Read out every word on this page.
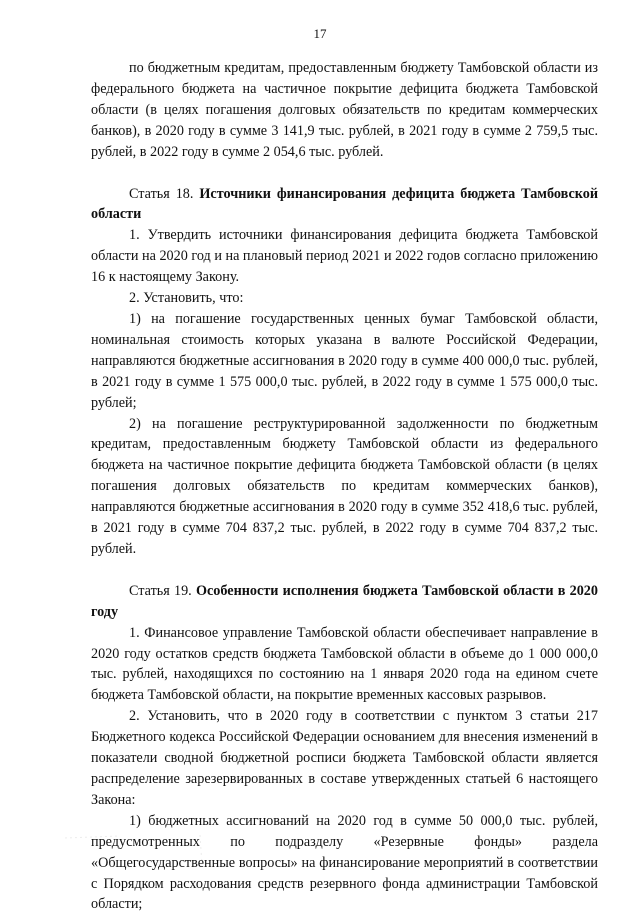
17

по бюджетным кредитам, предоставленным бюджету Тамбовской области из федерального бюджета на частичное покрытие дефицита бюджета Тамбовской области (в целях погашения долговых обязательств по кредитам коммерческих банков), в 2020 году в сумме 3 141,9 тыс. рублей, в 2021 году в сумме 2 759,5 тыс. рублей, в 2022 году в сумме 2 054,6 тыс. рублей.

Статья 18. Источники финансирования дефицита бюджета Тамбовской области

1. Утвердить источники финансирования дефицита бюджета Тамбовской области на 2020 год и на плановый период 2021 и 2022 годов согласно приложению 16 к настоящему Закону.

2. Установить, что:

1) на погашение государственных ценных бумаг Тамбовской области, номинальная стоимость которых указана в валюте Российской Федерации, направляются бюджетные ассигнования в 2020 году в сумме 400 000,0 тыс. рублей, в 2021 году в сумме 1 575 000,0 тыс. рублей, в 2022 году в сумме 1 575 000,0 тыс. рублей;

2) на погашение реструктурированной задолженности по бюджетным кредитам, предоставленным бюджету Тамбовской области из федерального бюджета на частичное покрытие дефицита бюджета Тамбовской области (в целях погашения долговых обязательств по кредитам коммерческих банков), направляются бюджетные ассигнования в 2020 году в сумме 352 418,6 тыс. рублей, в 2021 году в сумме 704 837,2 тыс. рублей, в 2022 году в сумме 704 837,2 тыс. рублей.

Статья 19. Особенности исполнения бюджета Тамбовской области в 2020 году

1. Финансовое управление Тамбовской области обеспечивает направление в 2020 году остатков средств бюджета Тамбовской области в объеме до 1 000 000,0 тыс. рублей, находящихся по состоянию на 1 января 2020 года на едином счете бюджета Тамбовской области, на покрытие временных кассовых разрывов.

2. Установить, что в 2020 году в соответствии с пунктом 3 статьи 217 Бюджетного кодекса Российской Федерации основанием для внесения изменений в показатели сводной бюджетной росписи бюджета Тамбовской области является распределение зарезервированных в составе утвержденных статьей 6 настоящего Закона:

1) бюджетных ассигнований на 2020 год в сумме 50 000,0 тыс. рублей, предусмотренных по подразделу «Резервные фонды» раздела «Общегосударственные вопросы» на финансирование мероприятий в соответствии с Порядком расходования средств резервного фонда администрации Тамбовской области;
